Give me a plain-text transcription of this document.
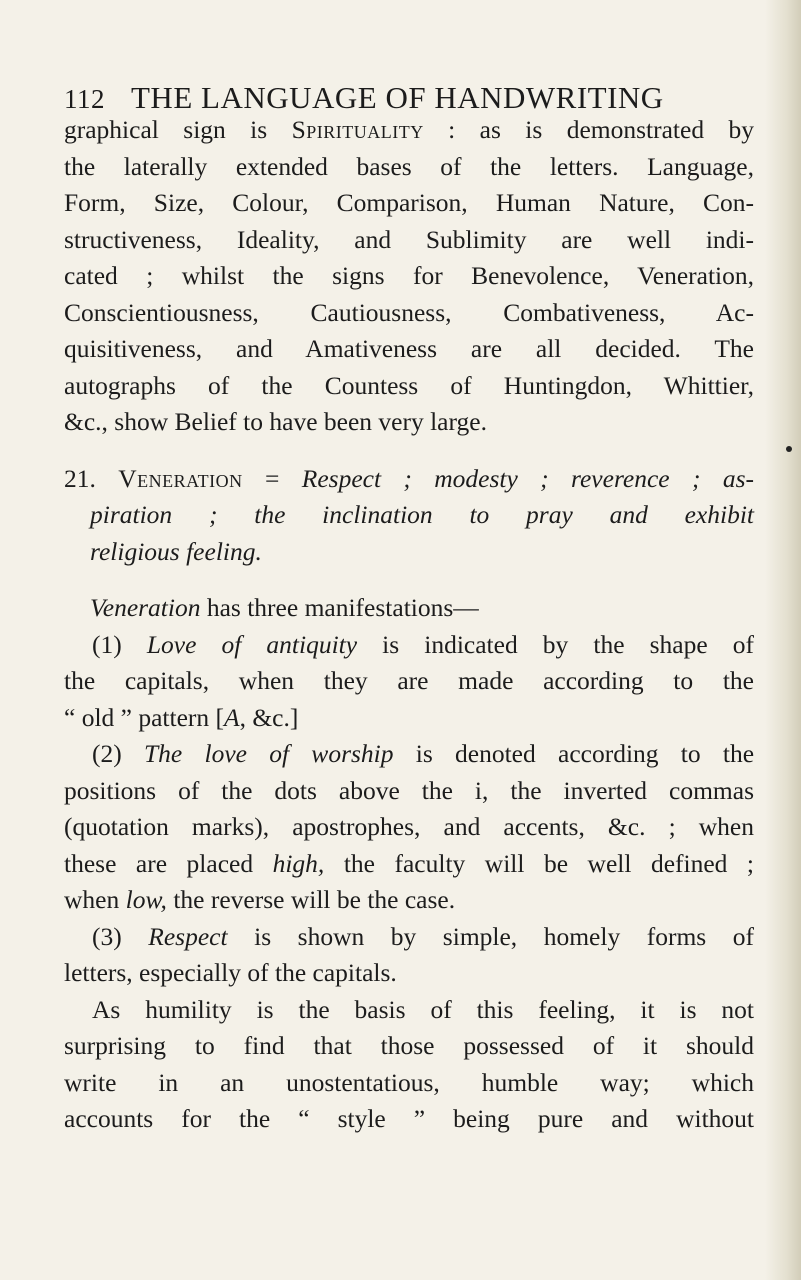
112 THE LANGUAGE OF HANDWRITING
graphical sign is Spirituality : as is demonstrated by
the laterally extended bases of the letters. Language,
Form, Size, Colour, Comparison, Human Nature, Con-
structiveness, Ideality, and Sublimity are well indi-
cated ; whilst the signs for Benevolence, Veneration,
Conscientiousness, Cautiousness, Combativeness, Ac-
quisitiveness, and Amativeness are all decided. The
autographs of the Countess of Huntingdon, Whittier,
&c., show Belief to have been very large.
21. Veneration = Respect ; modesty ; reverence ; as-
piration ; the inclination to pray and exhibit
religious feeling.
Veneration has three manifestations—
(1) Love of antiquity is indicated by the shape of
the capitals, when they are made according to the
“ old ” pattern [A, &c.]
(2) The love of worship is denoted according to the
positions of the dots above the i, the inverted commas
(quotation marks), apostrophes, and accents, &c. ; when
these are placed high, the faculty will be well defined ;
when low, the reverse will be the case.
(3) Respect is shown by simple, homely forms of
letters, especially of the capitals.
As humility is the basis of this feeling, it is not
surprising to find that those possessed of it should
write in an unostentatious, humble way; which
accounts for the “ style ” being pure and without
